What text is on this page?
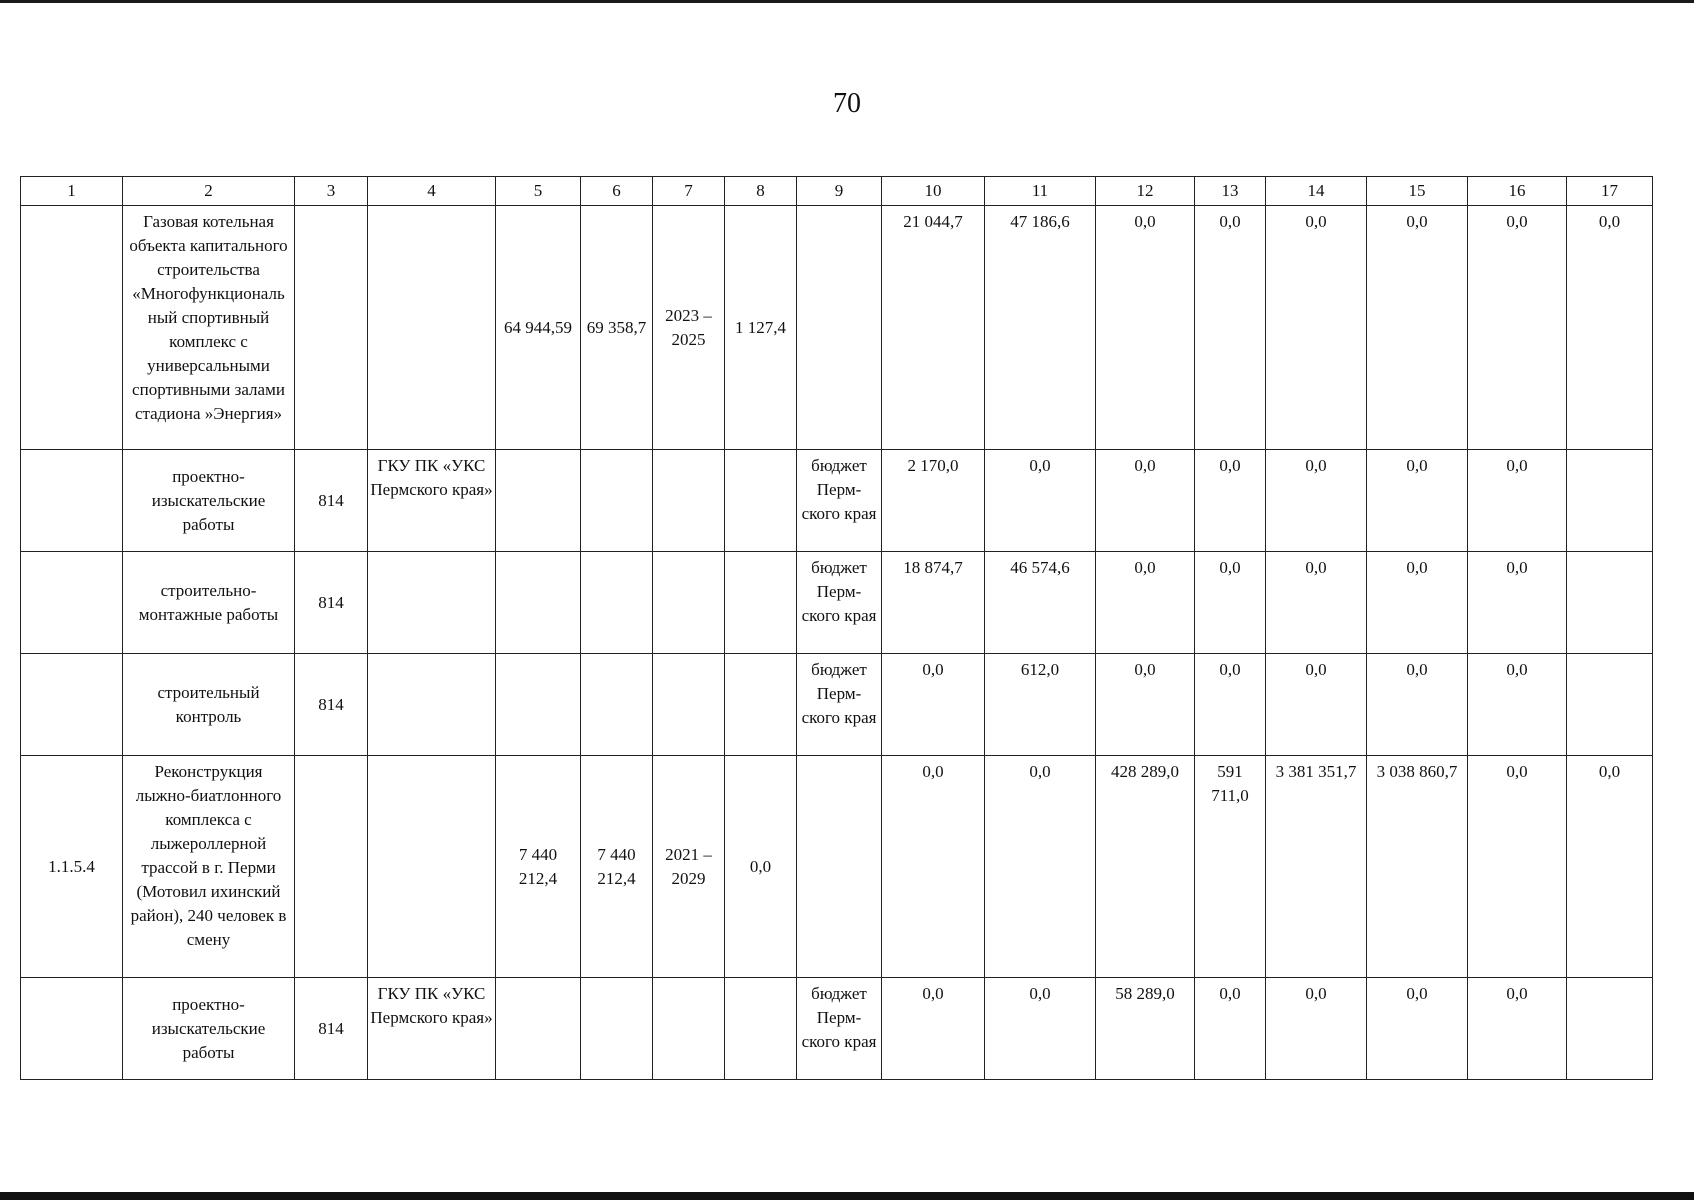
70
1	2	3	4	5	6	7	8	9	10	11	12	13	14	15	16	17
	Газовая котельная объекта капитального строительства «Многофункциональ ный спортивный комплекс с универсальными спортивными залами стадиона »Энергия»			64 944,59	69 358,7	2023 – 2025	1 127,4		21 044,7	47 186,6	0,0	0,0	0,0	0,0	0,0	0,0
	проектно-изыскательские работы	814	ГКУ ПК «УКС Пермского края»					бюджет Перм-ского края	2 170,0	0,0	0,0	0,0	0,0	0,0	0,0	
	строительно-монтажные работы	814						бюджет Перм-ского края	18 874,7	46 574,6	0,0	0,0	0,0	0,0	0,0	
	строительный контроль	814						бюджет Перм-ского края	0,0	612,0	0,0	0,0	0,0	0,0	0,0	
1.1.5.4	Реконструкция лыжно-биатлонного комплекса с лыжероллерной трассой в г. Перми (Мотовил ихинский район), 240 человек в смену			7 440 212,4	7 440 212,4	2021 – 2029	0,0		0,0	0,0	428 289,0	591 711,0	3 381 351,7	3 038 860,7	0,0	0,0
	проектно-изыскательские работы	814	ГКУ ПК «УКС Пермского края»					бюджет Перм-ского края	0,0	0,0	58 289,0	0,0	0,0	0,0	0,0	
